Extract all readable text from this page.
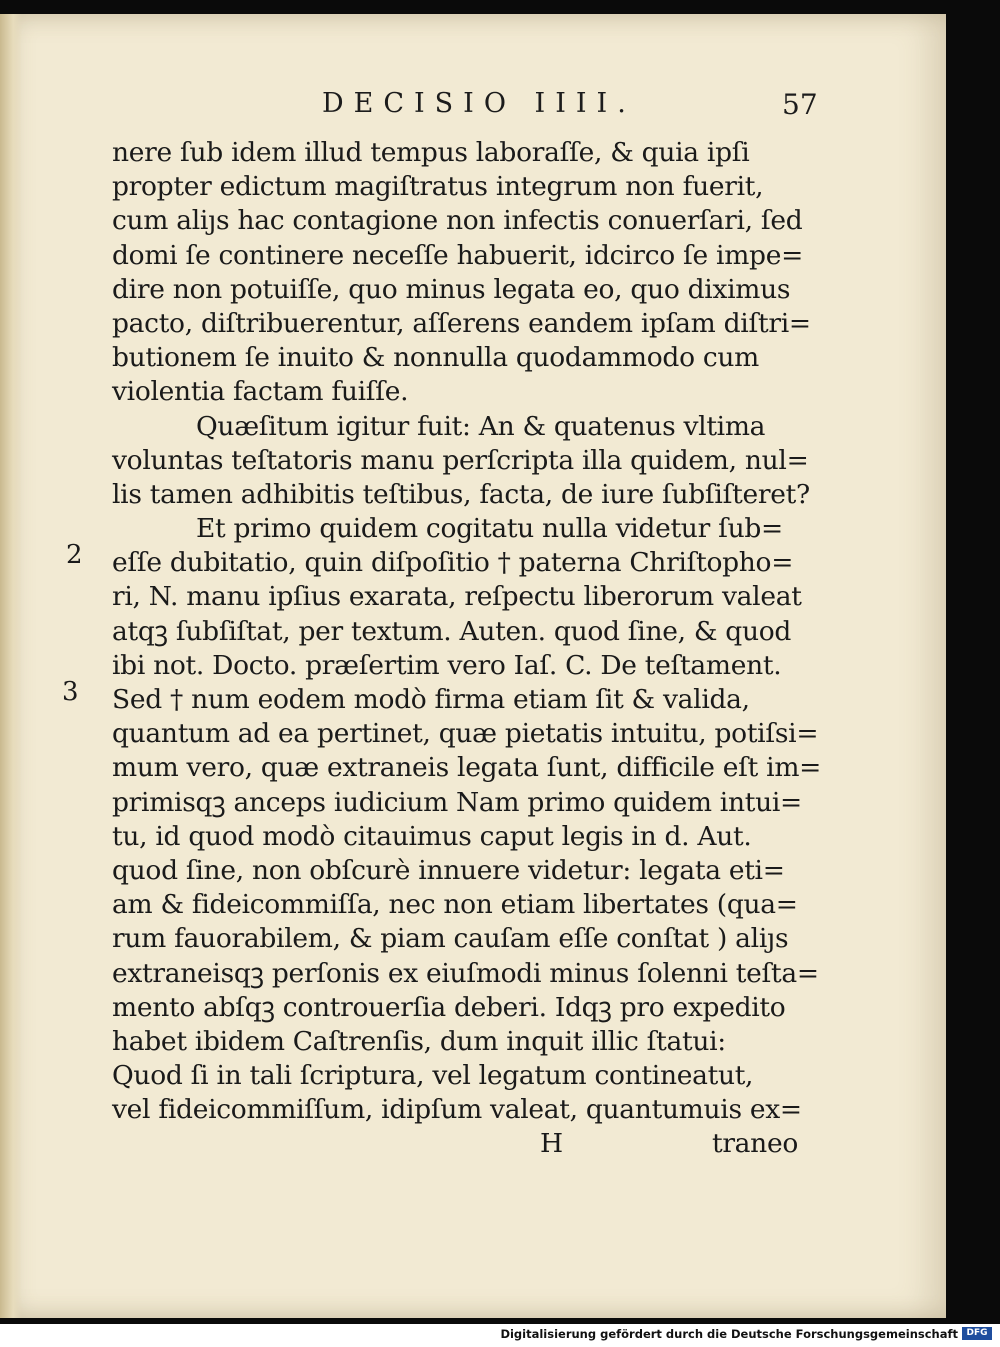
DECISIO IIII.	57
2
3
nere ſub idem illud tempus laboraſſe, & quia ipſi
propter edictum magiſtratus integrum non fuerit,
cum aliȷs hac contagione non infectis conuerſari, ſed
domi ſe continere neceſſe habuerit, idcirco ſe impe=
dire non potuiſſe, quo minus legata eo, quo diximus
pacto, diſtribuerentur, aſſerens eandem ipſam diſtri=
butionem ſe inuito & nonnulla quodammodo cum
violentia factam fuiſſe.
Quæſitum igitur fuit: An & quatenus vltima
voluntas teſtatoris manu perſcripta illa quidem, nul=
lis tamen adhibitis teſtibus, facta, de iure ſubſiſteret?
Et primo quidem cogitatu nulla videtur ſub=
eſſe dubitatio, quin diſpoſitio † paterna Chriſtopho=
ri, N. manu ipſius exarata, reſpectu liberorum valeat
atqꝫ ſubſiſtat, per textum. Auten. quod ſine, & quod
ibi not. Docto. præſertim vero Iaſ. C. De teſtament.
Sed † num eodem modò firma etiam ſit & valida,
quantum ad ea pertinet, quæ pietatis intuitu, potiſsi=
mum vero, quæ extraneis legata ſunt, difficile eſt im=
primisqꝫ anceps iudicium Nam primo quidem intui=
tu, id quod modò citauimus caput legis in d. Aut.
quod ſine, non obſcurè innuere videtur: legata eti=
am & fideicommiſſa, nec non etiam libertates (qua=
rum fauorabilem, & piam cauſam eſſe conſtat ) aliȷs
extraneisqꝫ perſonis ex eiuſmodi minus ſolenni teſta=
mento abſqꝫ controuerſia deberi. Idqꝫ pro expedito
habet ibidem Caſtrenſis, dum inquit illic ſtatui:
Quod ſi in tali ſcriptura, vel legatum contineatut,
vel fideicommiſſum, idipſum valeat, quantumuis ex=
H	traneo
Digitalisierung gefördert durch die Deutsche Forschungsgemeinschaft DFG
